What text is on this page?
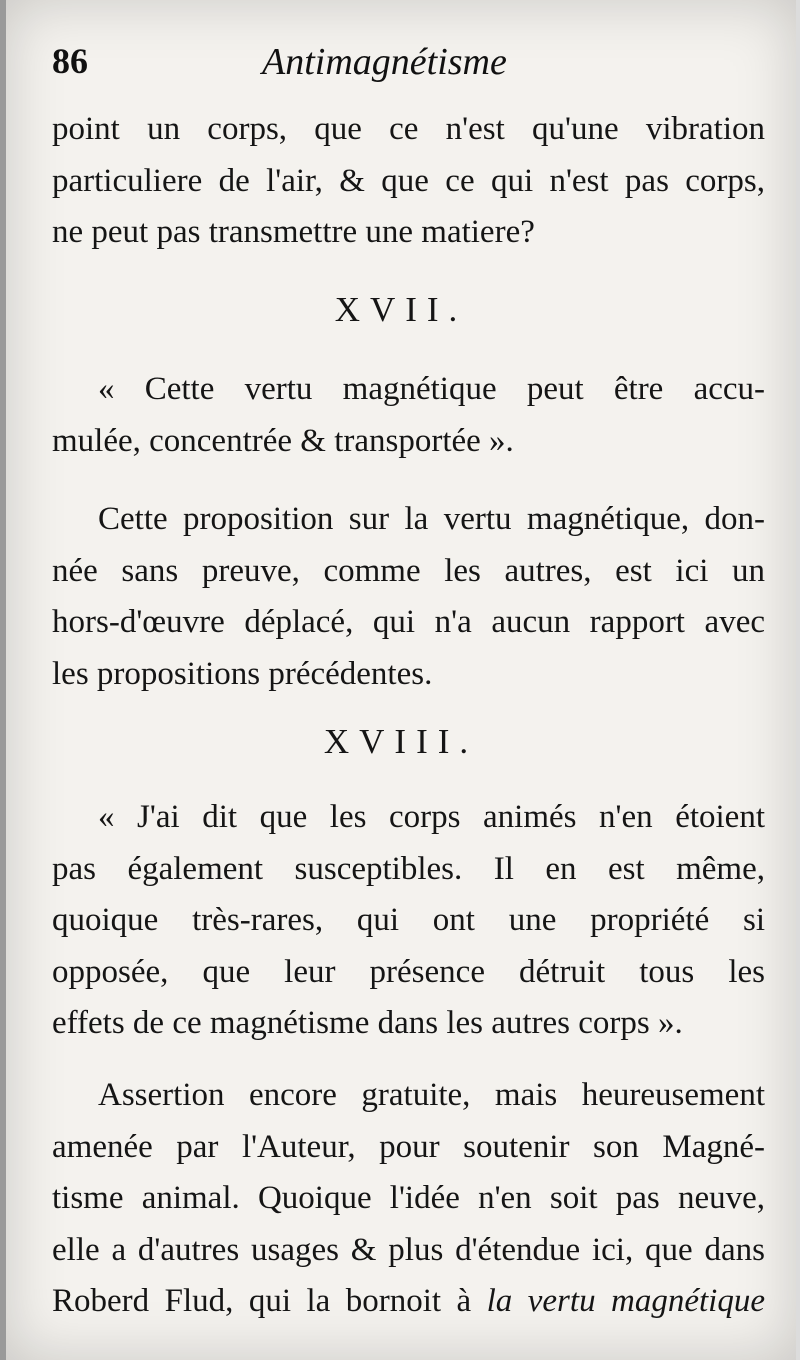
86	Antimagnétisme
point un corps, que ce n'est qu'une vibration
particuliere de l'air, & que ce qui n'est pas corps,
ne peut pas transmettre une matiere?
XVII.
« Cette vertu magnétique peut être accu-
mulée, concentrée & transportée ».
Cette proposition sur la vertu magnétique, don-
née sans preuve, comme les autres, est ici un
hors-d'œuvre déplacé, qui n'a aucun rapport avec
les propositions précédentes.
XVIII.
« J'ai dit que les corps animés n'en étoient
pas également susceptibles. Il en est même,
quoique très-rares, qui ont une propriété si
opposée, que leur présence détruit tous les
effets de ce magnétisme dans les autres corps ».
Assertion encore gratuite, mais heureusement
amenée par l'Auteur, pour soutenir son Magné-
tisme animal. Quoique l'idée n'en soit pas neuve,
elle a d'autres usages & plus d'étendue ici, que dans
Roberd Flud, qui la bornoit à la vertu magnétique
